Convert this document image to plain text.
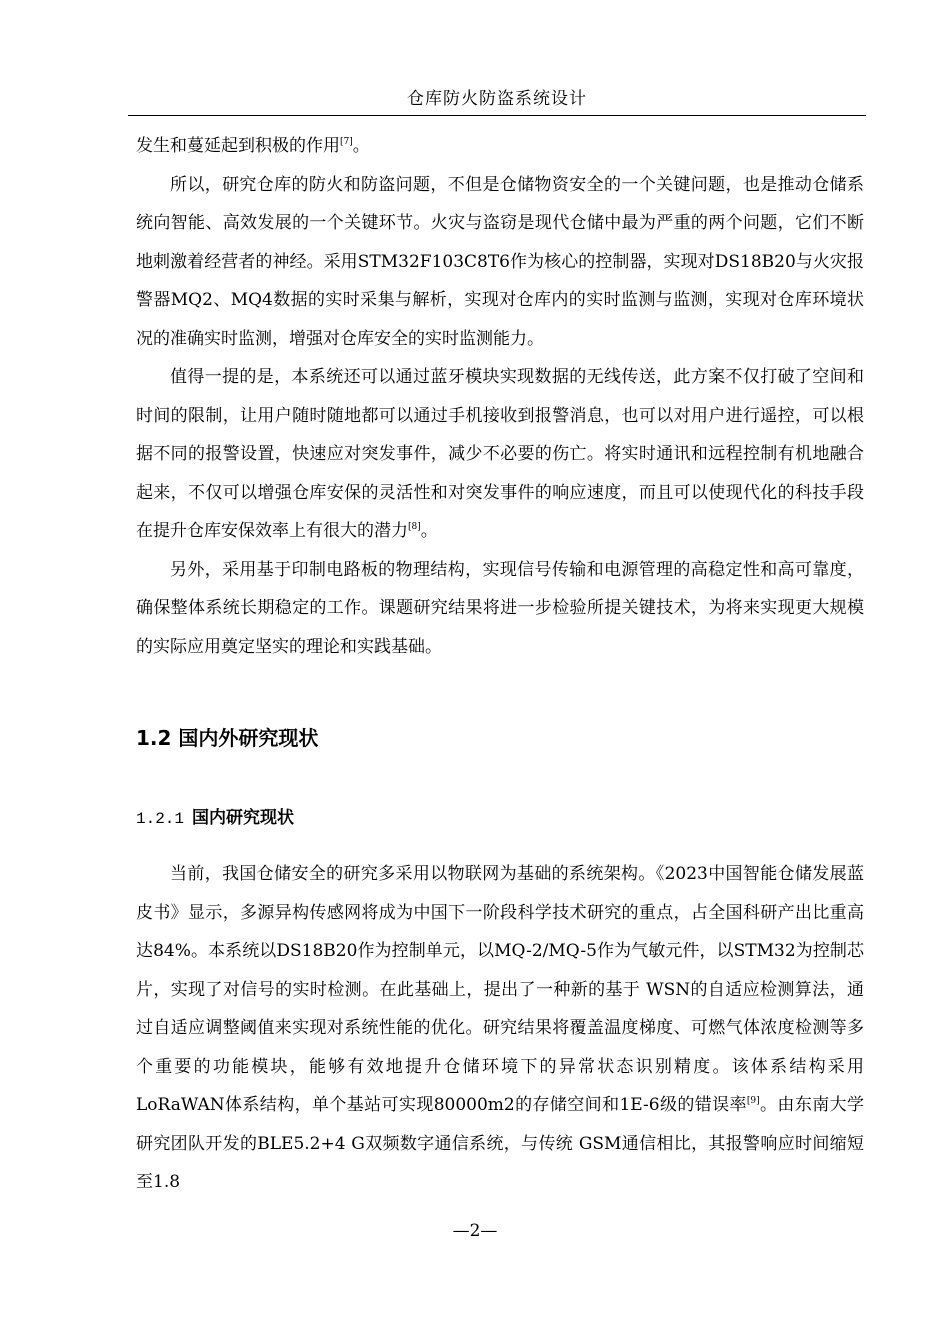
仓库防火防盗系统设计

发生和蔓延起到积极的作用[7]。

所以，研究仓库的防火和防盗问题，不但是仓储物资安全的一个关键问题，也是推动仓储系统向智能、高效发展的一个关键环节。火灾与盗窃是现代仓储中最为严重的两个问题，它们不断地刺激着经营者的神经。采用STM32F103C8T6作为核心的控制器，实现对DS18B20与火灾报警器MQ2、MQ4数据的实时采集与解析，实现对仓库内的实时监测与监测，实现对仓库环境状况的准确实时监测，增强对仓库安全的实时监测能力。

值得一提的是，本系统还可以通过蓝牙模块实现数据的无线传送，此方案不仅打破了空间和时间的限制，让用户随时随地都可以通过手机接收到报警消息，也可以对用户进行遥控，可以根据不同的报警设置，快速应对突发事件，减少不必要的伤亡。将实时通讯和远程控制有机地融合起来，不仅可以增强仓库安保的灵活性和对突发事件的响应速度，而且可以使现代化的科技手段在提升仓库安保效率上有很大的潜力[8]。

另外，采用基于印制电路板的物理结构，实现信号传输和电源管理的高稳定性和高可靠度，确保整体系统长期稳定的工作。课题研究结果将进一步检验所提关键技术，为将来实现更大规模的实际应用奠定坚实的理论和实践基础。

1.2 国内外研究现状
1.2.1 国内研究现状

当前，我国仓储安全的研究多采用以物联网为基础的系统架构。《2023中国智能仓储发展蓝皮书》显示，多源异构传感网将成为中国下一阶段科学技术研究的重点，占全国科研产出比重高达84%。本系统以DS18B20作为控制单元，以MQ-2/MQ-5作为气敏元件，以STM32为控制芯片，实现了对信号的实时检测。在此基础上，提出了一种新的基于 WSN的自适应检测算法，通过自适应调整阈值来实现对系统性能的优化。研究结果将覆盖温度梯度、可燃气体浓度检测等多个重要的功能模块，能够有效地提升仓储环境下的异常状态识别精度。该体系结构采用 LoRaWAN体系结构，单个基站可实现80000m2的存储空间和1E-6级的错误率[9]。由东南大学研究团队开发的BLE5.2+4 G双频数字通信系统，与传统 GSM通信相比，其报警响应时间缩短至1.8

—2—
